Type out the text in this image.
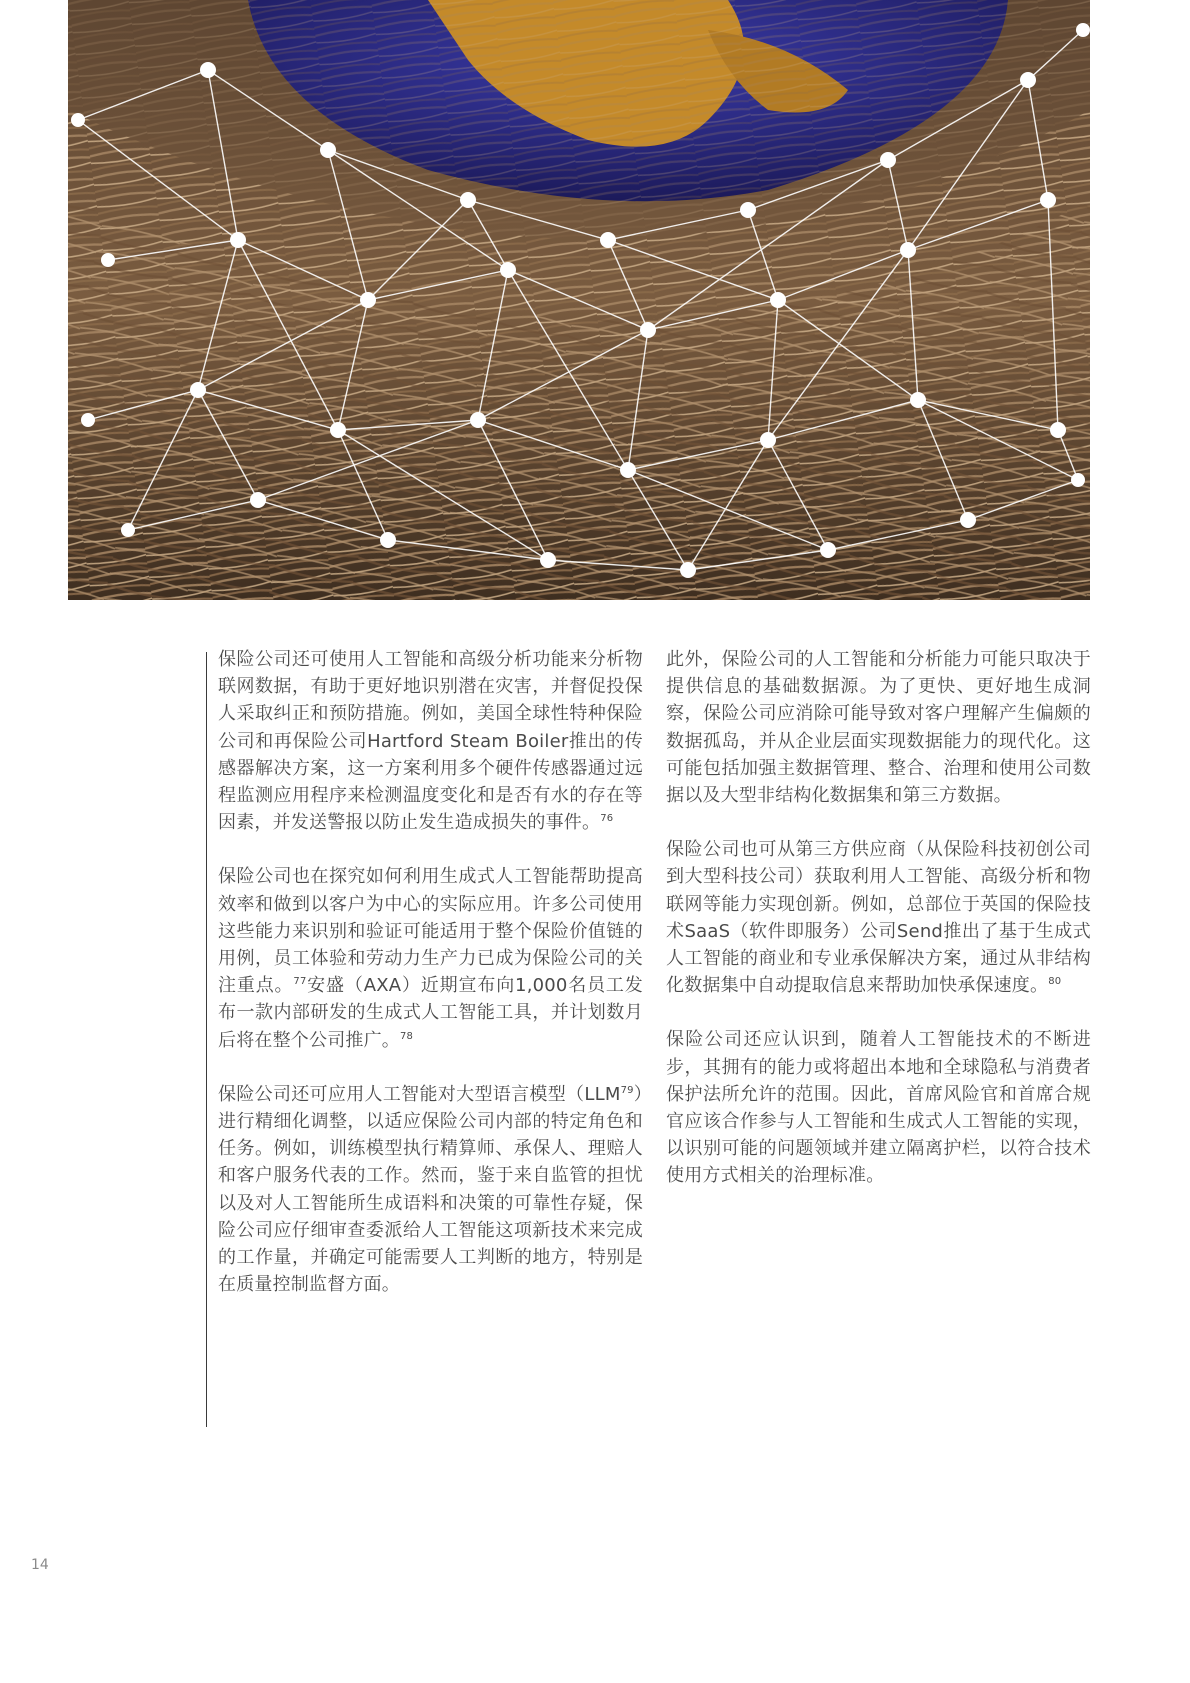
保险公司还可使用人工智能和高级分析功能来分析物联网数据，有助于更好地识别潜在灾害，并督促投保人采取纠正和预防措施。例如，美国全球性特种保险公司和再保险公司Hartford Steam Boiler推出的传感器解决方案，这一方案利用多个硬件传感器通过远程监测应用程序来检测温度变化和是否有水的存在等因素，并发送警报以防止发生造成损失的事件。$^{76}$

保险公司也在探究如何利用生成式人工智能帮助提高效率和做到以客户为中心的实际应用。许多公司使用这些能力来识别和验证可能适用于整个保险价值链的用例，员工体验和劳动力生产力已成为保险公司的关注重点。$^{77}$安盛（AXA）近期宣布向1,000名员工发布一款内部研发的生成式人工智能工具，并计划数月后将在整个公司推广。$^{78}$

保险公司还可应用人工智能对大型语言模型（LLM$^{79}$）进行精细化调整，以适应保险公司内部的特定角色和任务。例如，训练模型执行精算师、承保人、理赔人和客户服务代表的工作。然而，鉴于来自监管的担忧以及对人工智能所生成语料和决策的可靠性存疑，保险公司应仔细审查委派给人工智能这项新技术来完成的工作量，并确定可能需要人工判断的地方，特别是在质量控制监督方面。

此外，保险公司的人工智能和分析能力可能只取决于提供信息的基础数据源。为了更快、更好地生成洞察，保险公司应消除可能导致对客户理解产生偏颇的数据孤岛，并从企业层面实现数据能力的现代化。这可能包括加强主数据管理、整合、治理和使用公司数据以及大型非结构化数据集和第三方数据。

保险公司也可从第三方供应商（从保险科技初创公司到大型科技公司）获取利用人工智能、高级分析和物联网等能力实现创新。例如，总部位于英国的保险技术SaaS（软件即服务）公司Send推出了基于生成式人工智能的商业和专业承保解决方案，通过从非结构化数据集中自动提取信息来帮助加快承保速度。$^{80}$

保险公司还应认识到，随着人工智能技术的不断进步，其拥有的能力或将超出本地和全球隐私与消费者保护法所允许的范围。因此，首席风险官和首席合规官应该合作参与人工智能和生成式人工智能的实现，以识别可能的问题领域并建立隔离护栏，以符合技术使用方式相关的治理标准。

14
